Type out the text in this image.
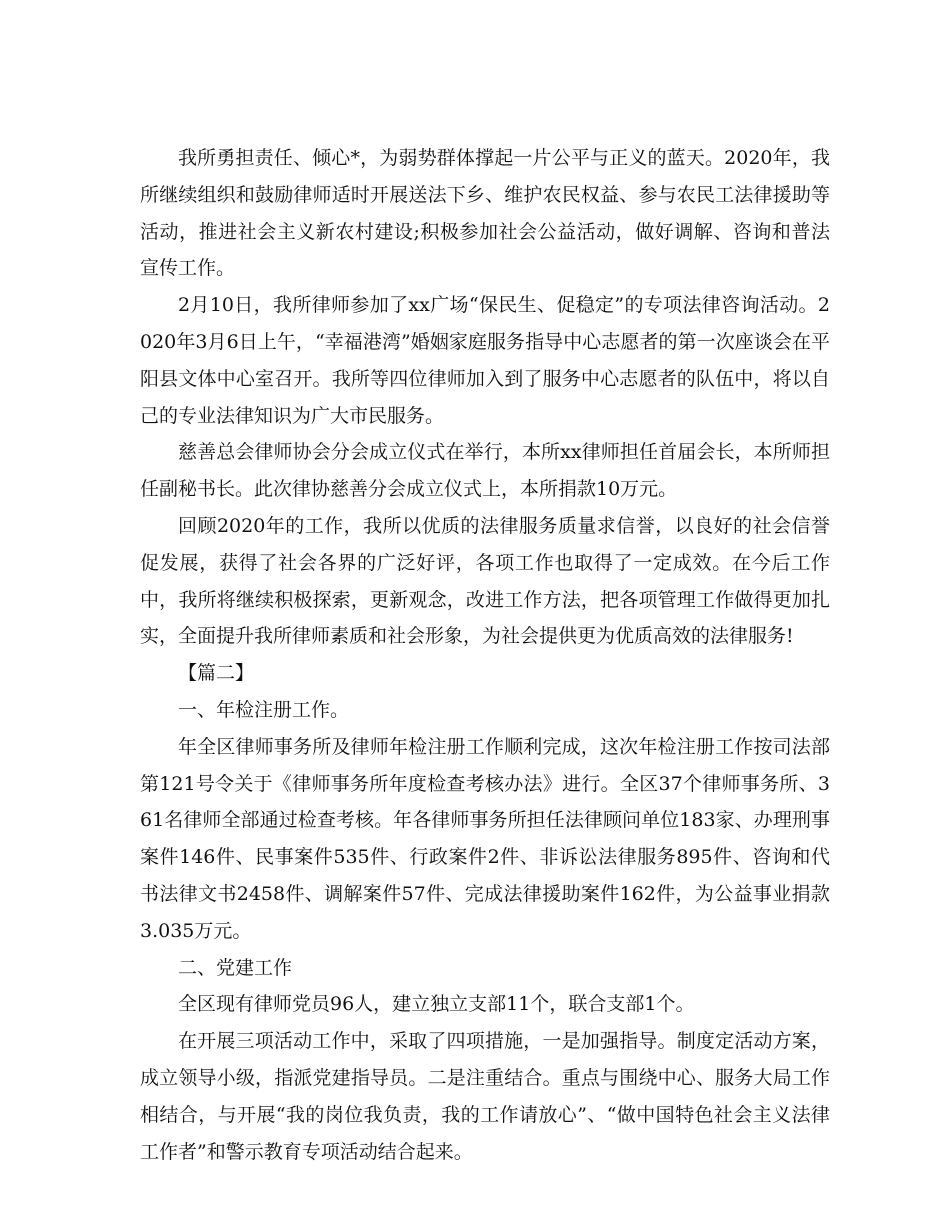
我所勇担责任、倾心*，为弱势群体撑起一片公平与正义的蓝天。2020年，我所继续组织和鼓励律师适时开展送法下乡、维护农民权益、参与农民工法律援助等活动，推进社会主义新农村建设;积极参加社会公益活动，做好调解、咨询和普法宣传工作。

2月10日，我所律师参加了xx广场“保民生、促稳定”的专项法律咨询活动。2020年3月6日上午，“幸福港湾”婚姻家庭服务指导中心志愿者的第一次座谈会在平阳县文体中心室召开。我所等四位律师加入到了服务中心志愿者的队伍中，将以自己的专业法律知识为广大市民服务。

慈善总会律师协会分会成立仪式在举行，本所xx律师担任首届会长，本所师担任副秘书长。此次律协慈善分会成立仪式上，本所捐款10万元。

回顾2020年的工作，我所以优质的法律服务质量求信誉，以良好的社会信誉促发展，获得了社会各界的广泛好评，各项工作也取得了一定成效。在今后工作中，我所将继续积极探索，更新观念，改进工作方法，把各项管理工作做得更加扎实，全面提升我所律师素质和社会形象，为社会提供更为优质高效的法律服务!

【篇二】

一、年检注册工作。

年全区律师事务所及律师年检注册工作顺利完成，这次年检注册工作按司法部第121号令关于《律师事务所年度检查考核办法》进行。全区37个律师事务所、361名律师全部通过检查考核。年各律师事务所担任法律顾问单位183家、办理刑事案件146件、民事案件535件、行政案件2件、非诉讼法律服务895件、咨询和代书法律文书2458件、调解案件57件、完成法律援助案件162件，为公益事业捐款3.035万元。

二、党建工作

全区现有律师党员96人，建立独立支部11个，联合支部1个。

在开展三项活动工作中，采取了四项措施，一是加强指导。制度定活动方案，成立领导小级，指派党建指导员。二是注重结合。重点与围绕中心、服务大局工作相结合，与开展“我的岗位我负责，我的工作请放心”、“做中国特色社会主义法律工作者”和警示教育专项活动结合起来。
